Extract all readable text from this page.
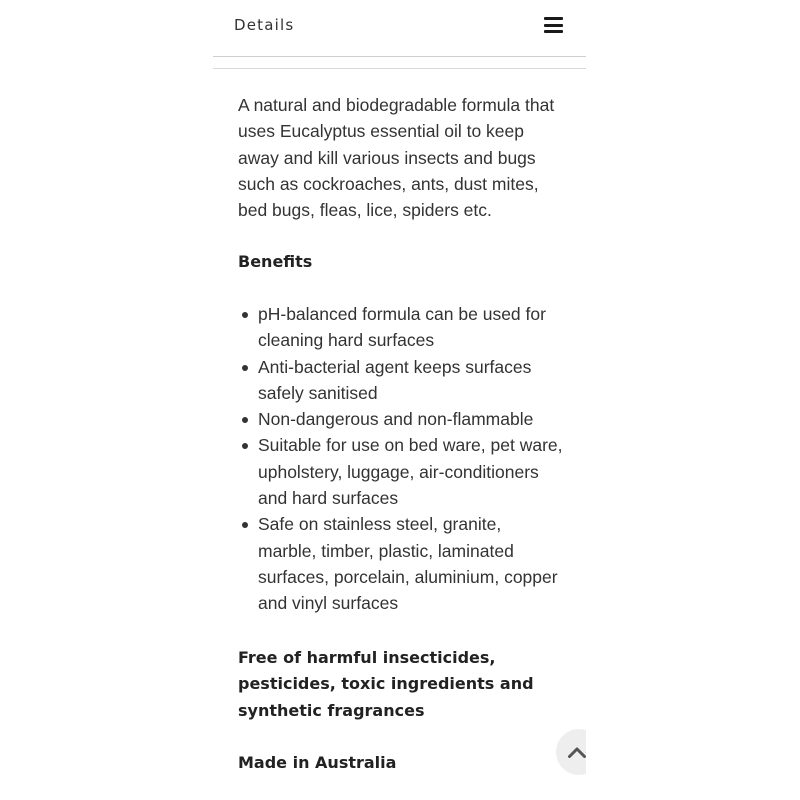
Details

A natural and biodegradable formula that uses Eucalyptus essential oil to keep away and kill various insects and bugs such as cockroaches, ants, dust mites, bed bugs, fleas, lice, spiders etc.

Benefits

pH-balanced formula can be used for cleaning hard surfaces
Anti-bacterial agent keeps surfaces safely sanitised
Non-dangerous and non-flammable
Suitable for use on bed ware, pet ware, upholstery, luggage, air-conditioners and hard surfaces
Safe on stainless steel, granite, marble, timber, plastic, laminated surfaces, porcelain, aluminium, copper and vinyl surfaces

Free of harmful insecticides, pesticides, toxic ingredients and synthetic fragrances

Made in Australia
